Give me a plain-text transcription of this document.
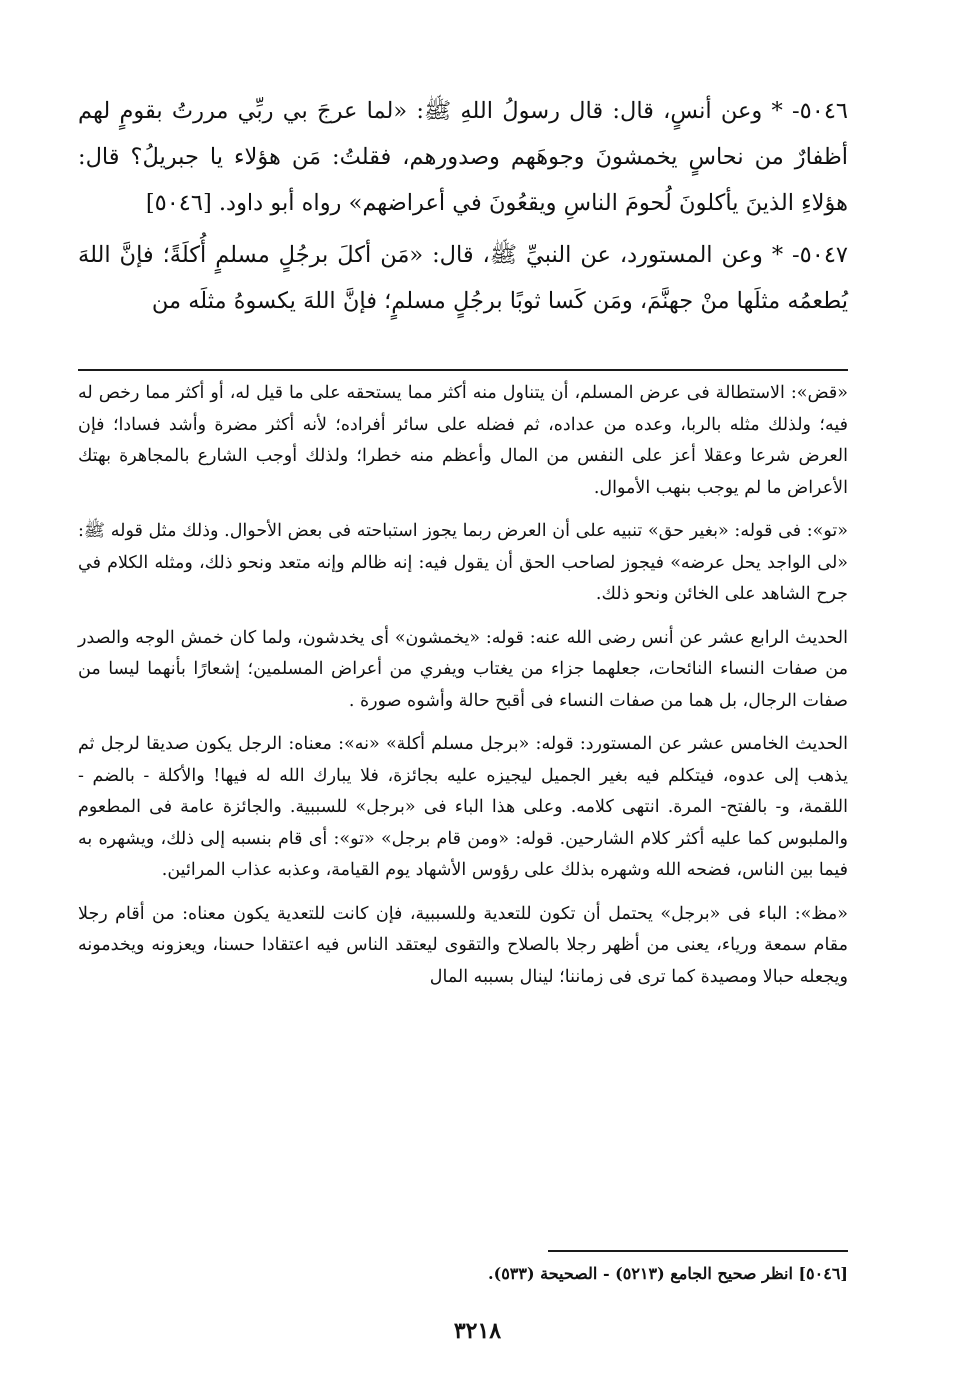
٥٠٤٦- * وعن أنسٍ، قال: قال رسولُ اللهِ ﷺ: «لما عرجَ بي ربِّي مررتُ بقومٍ لهم أظفارٌ من نحاسٍ يخمشونَ وجوهَهم وصدورهم، فقلتُ: مَن هؤلاء يا جبريلُ؟ قال: هؤلاءِ الذينَ يأكلونَ لُحومَ الناسِ ويقعُونَ في أعراضهم» رواه أبو داود. [٥٠٤٦]

٥٠٤٧- * وعن المستورد، عن النبيِّ ﷺ، قال: «مَن أكلَ برجُلٍ مسلمٍ أُكلَةً؛ فإنَّ اللهَ يُطعمُه مثلَها منْ جهنَّمَ، ومَن كَسا ثوبًا برجُلٍ مسلمٍ؛ فإنَّ اللهَ يكسوهُ مثلَه من

«قض»: الاستطالة فى عرض المسلم، أن يتناول منه أكثر مما يستحقه على ما قيل له، أو أكثر مما رخص له فيه؛ ولذلك مثله بالربا، وعده من عداده، ثم فضله على سائر أفراده؛ لأنه أكثر مضرة وأشد فسادا؛ فإن العرض شرعا وعقلا أعز على النفس من المال وأعظم منه خطرا؛ ولذلك أوجب الشارع بالمجاهرة بهتك الأعراض ما لم يوجب بنهب الأموال.

«تو»: فى قوله: «بغير حق» تنبيه على أن العرض ربما يجوز استباحته فى بعض الأحوال. وذلك مثل قوله ﷺ: «لى الواجد يحل عرضه» فيجوز لصاحب الحق أن يقول فيه: إنه ظالم وإنه متعد ونحو ذلك، ومثله الكلام في جرح الشاهد على الخائن ونحو ذلك.

الحديث الرابع عشر عن أنس رضى الله عنه: قوله: «يخمشون» أى يخدشون، ولما كان خمش الوجه والصدر من صفات النساء النائحات، جعلهما جزاء من يغتاب ويفري من أعراض المسلمين؛ إشعارًا بأنهما ليسا من صفات الرجال، بل هما من صفات النساء فى أقبح حالة وأشوه صورة .

الحديث الخامس عشر عن المستورد: قوله: «برجل مسلم أكلة» «نه»: معناه: الرجل يكون صديقا لرجل ثم يذهب إلى عدوه، فيتكلم فيه بغير الجميل ليجيزه عليه بجائزة، فلا يبارك الله له فيها! والأكلة - بالضم - اللقمة، و- بالفتح- المرة. انتهى كلامه. وعلى هذا الباء فى «برجل» للسببية. والجائزة عامة فى المطعوم والملبوس كما عليه أكثر كلام الشارحين. قوله: «ومن قام برجل» «تو»: أى قام بنسبه إلى ذلك، ويشهره به فيما بين الناس، فضحه الله وشهره بذلك على رؤوس الأشهاد يوم القيامة، وعذبه عذاب المرائين.

«مظ»: الباء فى «برجل» يحتمل أن تكون للتعدية وللسببية، فإن كانت للتعدية يكون معناه: من أقام رجلا مقام سمعة ورياء، يعنى من أظهر رجلا بالصلاح والتقوى ليعتقد الناس فيه اعتقادا حسنا، ويعزونه ويخدمونه ويجعله حبالا ومصيدة كما ترى فى زماننا؛ لينال بسببه المال

[٥٠٤٦] انظر صحيح الجامع (٥٢١٣) - الصحيحة (٥٣٣).
٣٢١٨
